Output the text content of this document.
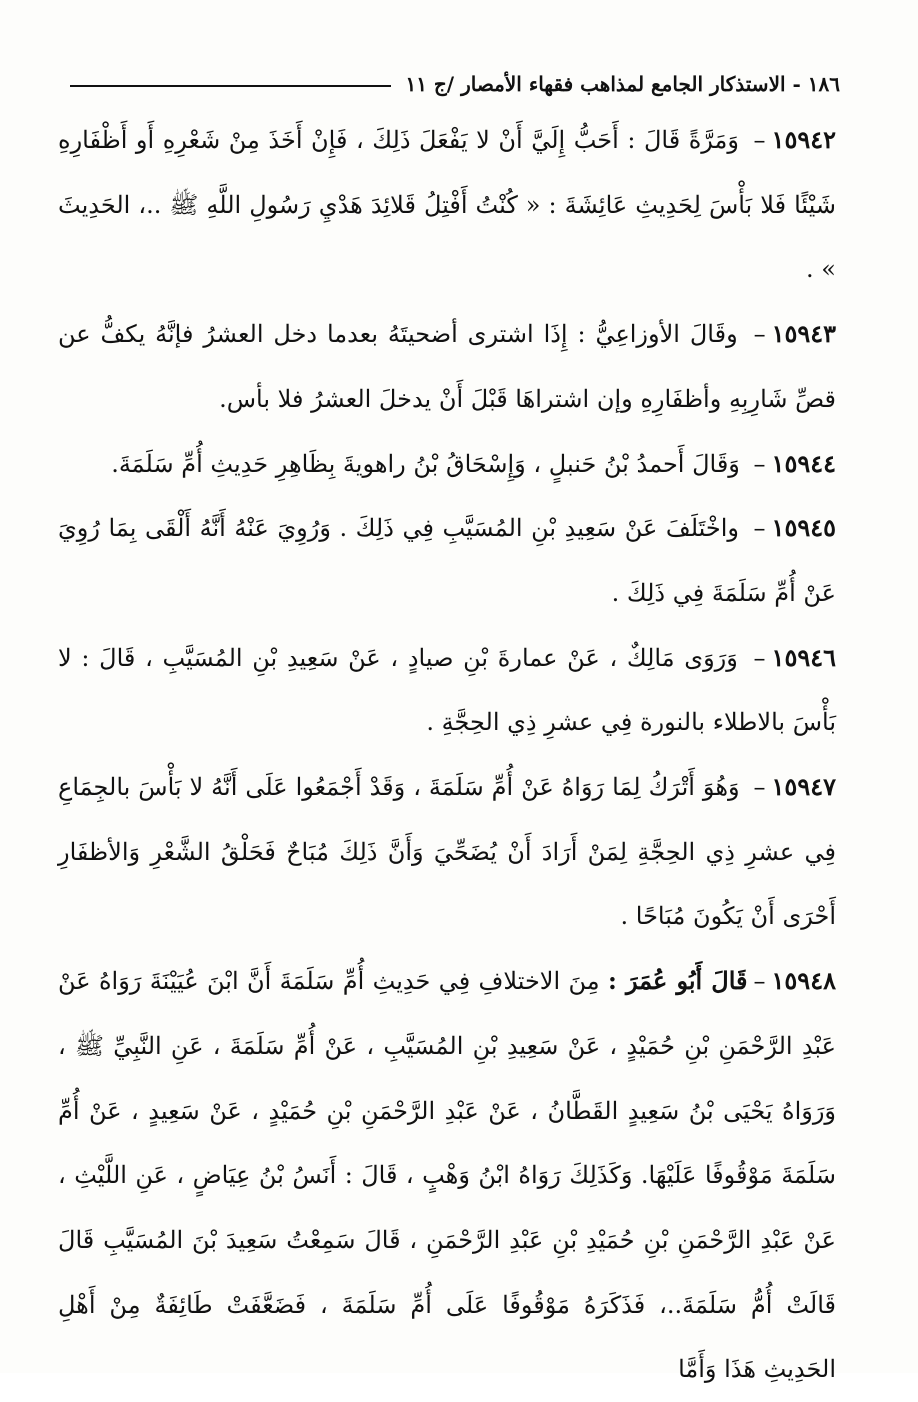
١٨٦ - الاستذكار الجامع لمذاهب فقهاء الأمصار /ج ١١

١٥٩٤٢– وَمَرَّةً قَالَ : أَحَبُّ إِلَيَّ أَنْ لا يَفْعَلَ ذَلِكَ ، فَإِنْ أَخَذَ مِنْ شَعْرِهِ أَو أَظْفَارِهِ شَيْئًا فَلا بَأْسَ لِحَدِيثِ عَائِشَةَ : « كُنْتُ أَفْتِلُ قَلائِدَ هَدْيِ رَسُولِ اللَّهِ ﷺ ..، الحَدِيثَ » .

١٥٩٤٣– وقَالَ الأوزاعِيُّ : إِذَا اشترى أضحيتَهُ بعدما دخل العشرُ فإنَّهُ يكفُّ عن قصِّ شَارِبِهِ وأظفَارِهِ وإن اشتراهَا قَبْلَ أَنْ يدخلَ العشرُ فلا بأس.

١٥٩٤٤– وَقَالَ أَحمدُ بْنُ حَنبلٍ ، وَإِسْحَاقُ بْنُ راهويةَ بِظَاهِرِ حَدِيثِ أُمِّ سَلَمَةَ.

١٥٩٤٥– واخْتَلَفَ عَنْ سَعِيدِ بْنِ المُسَيَّبِ فِي ذَلِكَ . وَرُوِيَ عَنْهُ أَنَّهُ أَلْقَى بِمَا رُوِيَ عَنْ أُمِّ سَلَمَةَ فِي ذَلِكَ .

١٥٩٤٦– وَرَوَى مَالِكٌ ، عَنْ عمارةَ بْنِ صيادٍ ، عَنْ سَعِيدِ بْنِ المُسَيَّبِ ، قَالَ : لا بَأْسَ بالاطلاء بالنورة فِي عشرِ ذِي الحِجَّةِ .

١٥٩٤٧– وَهُوَ أَتْرَكُ لِمَا رَوَاهُ عَنْ أُمِّ سَلَمَةَ ، وَقَدْ أَجْمَعُوا عَلَى أَنَّهُ لا بَأْسَ بالجِمَاعِ فِي عشرِ ذِي الحِجَّةِ لِمَنْ أَرَادَ أَنْ يُضَحِّيَ وَأَنَّ ذَلِكَ مُبَاحٌ فَحَلْقُ الشَّعْرِ وَالأظفَارِ أَحْرَى أَنْ يَكُونَ مُبَاحًا .

١٥٩٤٨–قَالَ أَبُو عُمَرَ : مِنَ الاختلافِ فِي حَدِيثِ أُمِّ سَلَمَةَ أَنَّ ابْنَ عُيَيْنَةَ رَوَاهُ عَنْ عَبْدِ الرَّحْمَنِ بْنِ حُمَيْدٍ ، عَنْ سَعِيدِ بْنِ المُسَيَّبِ ، عَنْ أُمِّ سَلَمَةَ ، عَنِ النَّبِيِّ ﷺ ، وَرَوَاهُ يَحْيَى بْنُ سَعِيدٍ القَطَّانُ ، عَنْ عَبْدِ الرَّحْمَنِ بْنِ حُمَيْدٍ ، عَنْ سَعِيدٍ ، عَنْ أُمِّ سَلَمَةَ مَوْقُوفًا عَلَيْهَا. وَكَذَلِكَ رَوَاهُ ابْنُ وَهْبٍ ، قَالَ : أَنَسُ بْنُ عِيَاضٍ ، عَنِ اللَّيْثِ ، عَنْ عَبْدِ الرَّحْمَنِ بْنِ حُمَيْدِ بْنِ عَبْدِ الرَّحْمَنِ ، قَالَ سَمِعْتُ سَعِيدَ بْنَ المُسَيَّبِ قَالَ قَالَتْ أُمُّ سَلَمَةَ..، فَذَكَرَهُ مَوْقُوفًا عَلَى أُمِّ سَلَمَةَ ، فَضَعَّفَتْ طَائِفَةٌ مِنْ أَهْلِ الحَدِيثِ هَذَا وَأَمَّا
